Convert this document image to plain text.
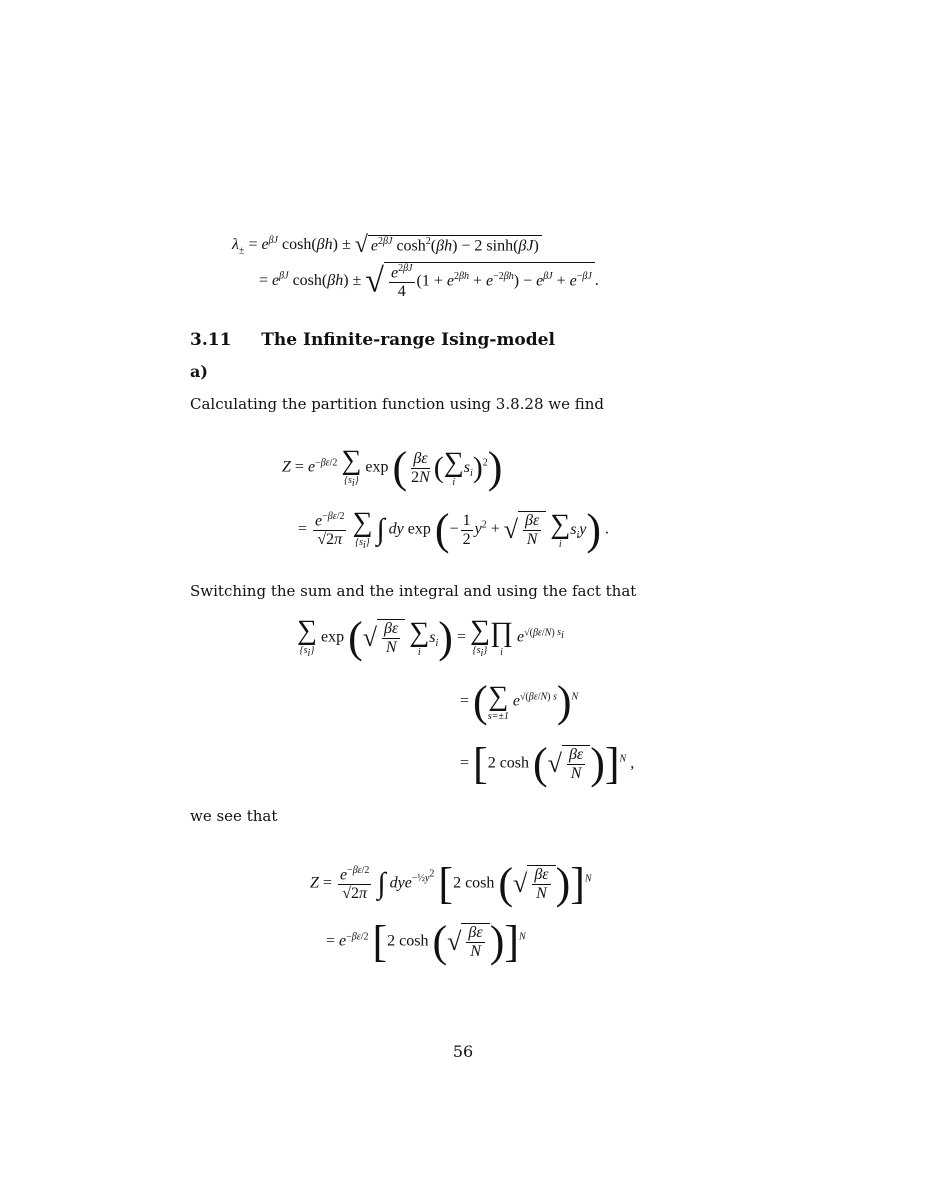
$\lambda_\pm = e^{\beta J}$ cosh(βh) ± √ $e^{2\beta J}$ $\cosh^2(\beta h) - 2$ sinh(βJ)
= $e^{\beta J}$ cosh(βh) ± √ $\frac{e^{2\beta J}}{4} (1 + e^{2\beta h} + e^{-2\beta h}) - e^{\beta J} + e^{-\beta J}$ .
3.11 The Infinite-range Ising-model
a)
Calculating the partition function using 3.8.28 we find
$Z = e^{-\beta\varepsilon/2}$ ∑
$\{s_i\}$
exp ( $\frac{\beta\varepsilon}{2N}$ ( ∑
i
$s_i)^2$)
= $\frac{e^{-\beta\varepsilon/2}}{√2\pi}$
∑
$\{s_i\}$ ∫ dy exp (− $\frac{1}{2} y^2$ + √ $\frac{\beta\varepsilon}{N}$
∑
i
$s_iy$) .
Switching the sum and the integral and using the fact that
∑
$\{s_i\}$
exp (√ $\frac{\beta\varepsilon}{N}$
∑
i
$s_i$) = ∑
$\{s_i\}$
∏
i
$e^{√(\beta\varepsilon/N) s_i}$
= ( ∑
s=±1
$e^{√(\beta\varepsilon/N) s})^N$
= [2 cosh (√ $\frac{\beta\varepsilon}{N} )]^N$ ,
we see that
$Z = \frac{e^{-\beta\varepsilon/2}}{√2\pi}$ ∫ dye$^{-\frac{1}{2}y^2}$ [2 cosh (√ $\frac{\beta\varepsilon}{N} )]^N$
= $e^{-\beta\varepsilon/2}$ [2 cosh (√ $\frac{\beta\varepsilon}{N} )]^N$
56
